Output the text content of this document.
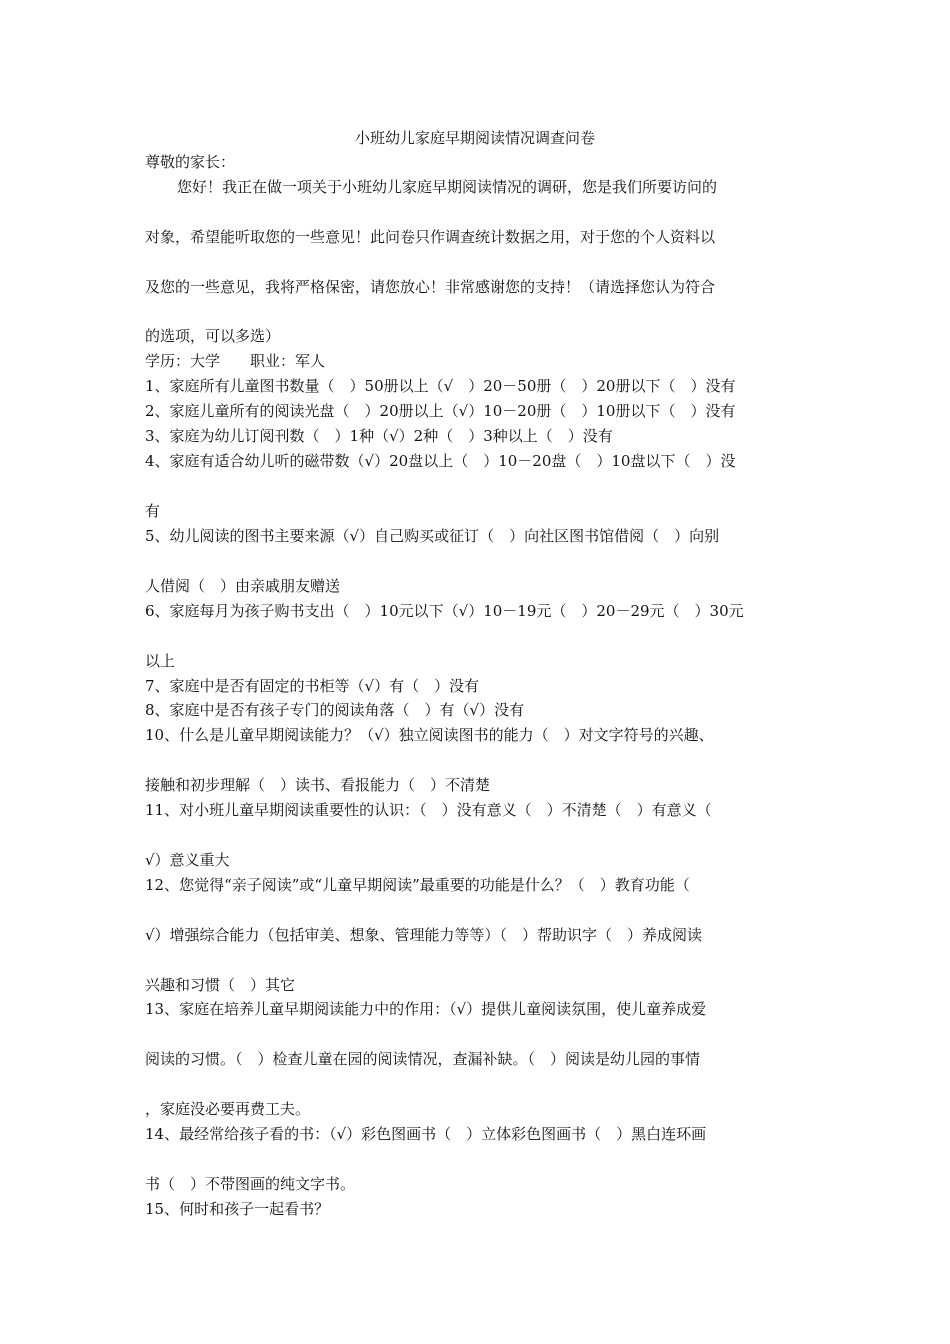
小班幼儿家庭早期阅读情况调查问卷
尊敬的家长：
您好！我正在做一项关于小班幼儿家庭早期阅读情况的调研，您是我们所要访问的
对象，希望能听取您的一些意见！此问卷只作调查统计数据之用，对于您的个人资料以
及您的一些意见，我将严格保密，请您放心！非常感谢您的支持！（请选择您认为符合
的选项，可以多选）
学历：大学　　职业：军人
1、家庭所有儿童图书数量（　）50册以上（√　）20－50册（　）20册以下（　）没有
2、家庭儿童所有的阅读光盘（　）20册以上（√）10－20册（　）10册以下（　）没有
3、家庭为幼儿订阅刊数（　）1种（√）2种（　）3种以上（　）没有
4、家庭有适合幼儿听的磁带数（√）20盘以上（　）10－20盘（　）10盘以下（　）没
有
5、幼儿阅读的图书主要来源（√）自己购买或征订（　）向社区图书馆借阅（　）向别
人借阅（　）由亲戚朋友赠送
6、家庭每月为孩子购书支出（　）10元以下（√）10－19元（　）20－29元（　）30元
以上
7、家庭中是否有固定的书柜等（√）有（　）没有
8、家庭中是否有孩子专门的阅读角落（　）有（√）没有
10、什么是儿童早期阅读能力？（√）独立阅读图书的能力（　）对文字符号的兴趣、
接触和初步理解（　）读书、看报能力（　）不清楚
11、对小班儿童早期阅读重要性的认识：（　）没有意义（　）不清楚（　）有意义（
√）意义重大
12、您觉得“亲子阅读”或“儿童早期阅读”最重要的功能是什么？（　）教育功能（
√）增强综合能力（包括审美、想象、管理能力等等）（　）帮助识字（　）养成阅读
兴趣和习惯（　）其它
13、家庭在培养儿童早期阅读能力中的作用：（√）提供儿童阅读氛围，使儿童养成爱
阅读的习惯。（　）检查儿童在园的阅读情况，查漏补缺。（　）阅读是幼儿园的事情
，家庭没必要再费工夫。
14、最经常给孩子看的书：（√）彩色图画书（　）立体彩色图画书（　）黑白连环画
书（　）不带图画的纯文字书。
15、何时和孩子一起看书？
